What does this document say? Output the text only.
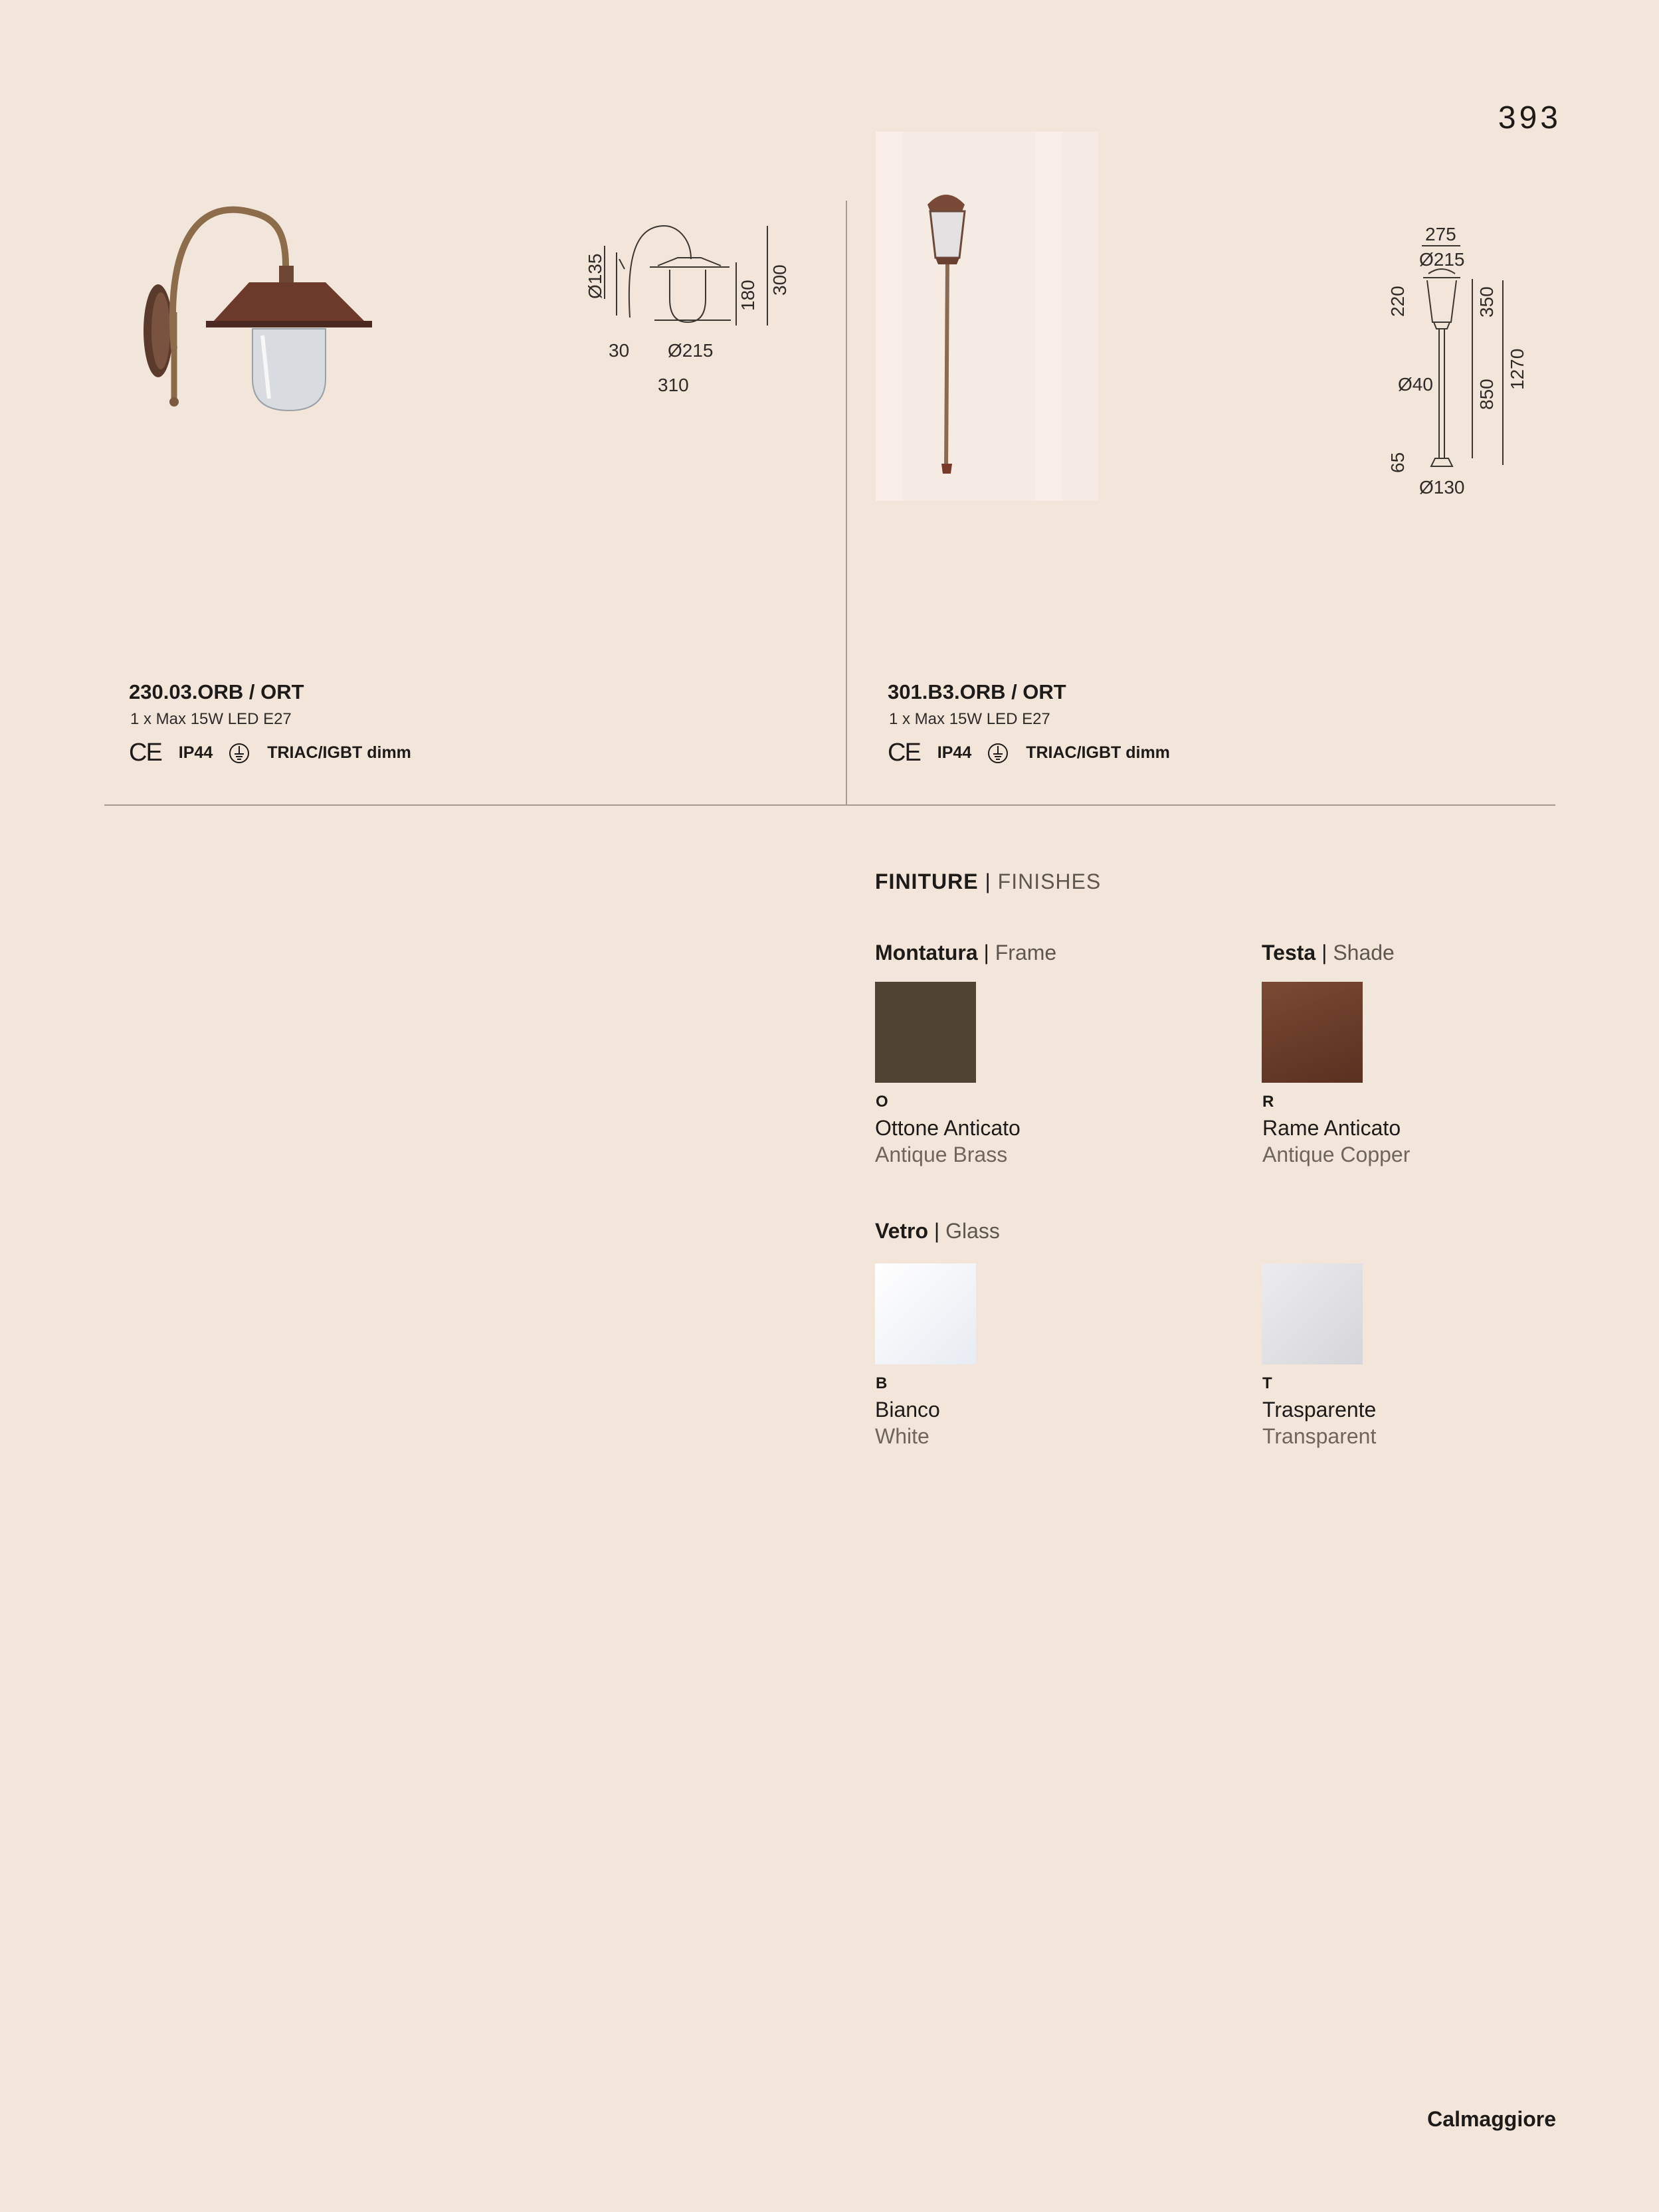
393
Ø135	180 300
30 Ø215
310
230.03.ORB / ORT
1 x Max 15W LED E27
CE IP44	TRIAC/IGBT dimm
275
Ø215
220	350
Ø40 850
1270
65
Ø130
301.B3.ORB / ORT
1 x Max 15W LED E27
CE IP44	TRIAC/IGBT dimm
FINITURE | FINISHES
Montatura | Frame
O
Ottone Anticato
Antique Brass
Testa | Shade
R
Rame Anticato
Antique Copper
Vetro | Glass
B
Bianco
White
T
Trasparente
Transparent
Calmaggiore
